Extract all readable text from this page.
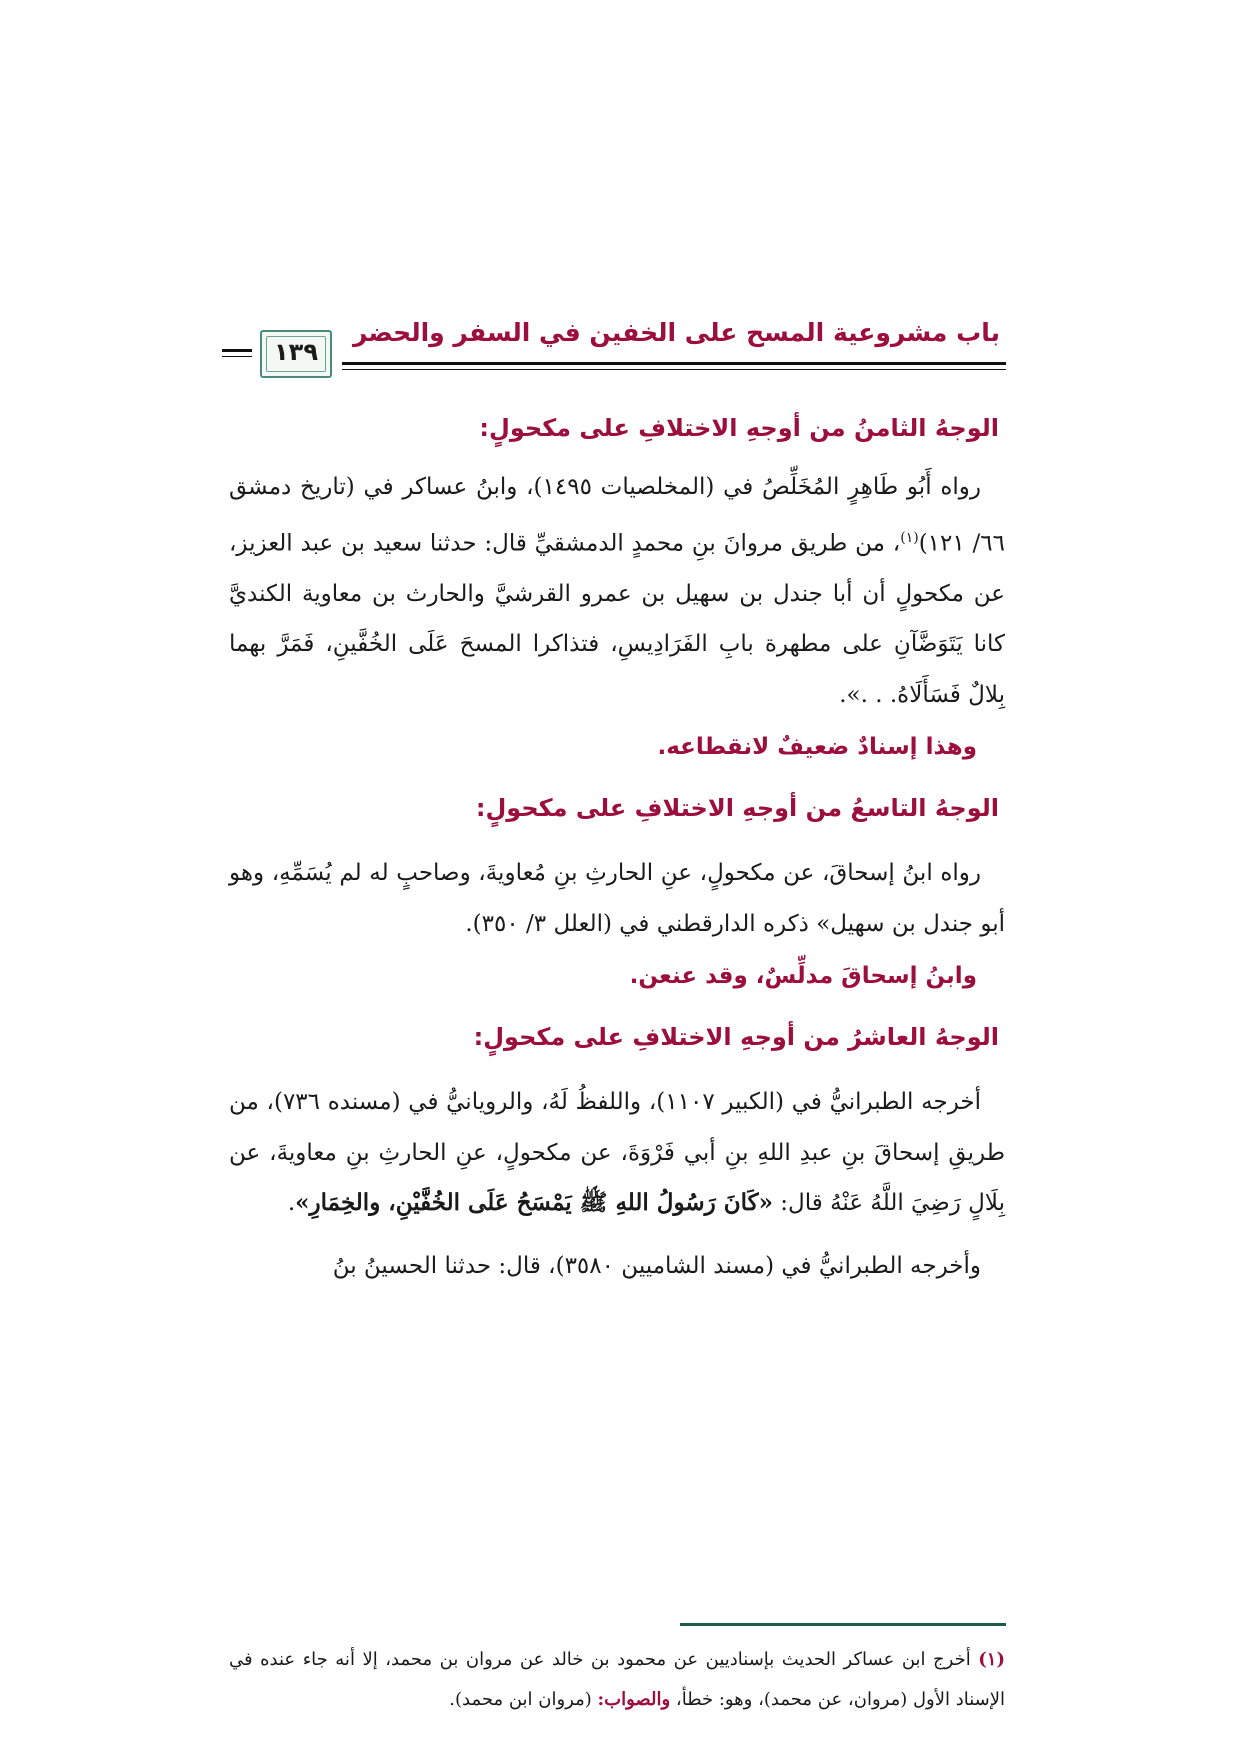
باب مشروعية المسح على الخفين في السفر والحضر
١٣٩

الوجهُ الثامنُ من أوجهِ الاختلافِ على مكحولٍ:

رواه أَبُو طَاهِرٍ المُخَلِّصُ في (المخلصيات ١٤٩٥)، وابنُ عساكر في (تاريخ دمشق ٦٦/ ١٢١)$^{(١)}$، من طريق مروانَ بنِ محمدٍ الدمشقيِّ قال: حدثنا سعيد بن عبد العزيز، عن مكحولٍ أن أبا جندل بن سهيل بن عمرو القرشيَّ والحارث بن معاوية الكنديَّ كانا يَتَوَضَّآنِ على مطهرة بابِ الفَرَادِيسِ، فتذاكرا المسحَ عَلَى الخُفَّينِ، فَمَرَّ بهما بِلالٌ فَسَأَلَاهُ. . .».

وهذا إسنادٌ ضعيفٌ لانقطاعه.

الوجهُ التاسعُ من أوجهِ الاختلافِ على مكحولٍ:

رواه ابنُ إسحاقَ، عن مكحولٍ، عنِ الحارثِ بنِ مُعاويةَ، وصاحبٍ له لم يُسَمِّهِ، وهو أبو جندل بن سهيل» ذكره الدارقطني في (العلل ٣/ ٣٥٠).

وابنُ إسحاقَ مدلِّسٌ، وقد عنعن.

الوجهُ العاشرُ من أوجهِ الاختلافِ على مكحولٍ:

أخرجه الطبرانيُّ في (الكبير ١١٠٧)، واللفظُ لَهُ، والرويانيُّ في (مسنده ٧٣٦)، من طريقِ إسحاقَ بنِ عبدِ اللهِ بنِ أبي فَرْوَةَ، عن مكحولٍ، عنِ الحارثِ بنِ معاويةَ، عن بِلَالٍ رَضِيَ اللَّهُ عَنْهُ قال: «كَانَ رَسُولُ اللهِ ﷺ يَمْسَحُ عَلَى الخُفَّيْنِ، والخِمَارِ».

وأخرجه الطبرانيُّ في (مسند الشاميين ٣٥٨٠)، قال: حدثنا الحسينُ بنُ

(١) أخرج ابن عساكر الحديث بإسناديين عن محمود بن خالد عن مروان بن محمد، إلا أنه جاء عنده في الإسناد الأول (مروان، عن محمد)، وهو: خطأ، والصواب: (مروان ابن محمد).
